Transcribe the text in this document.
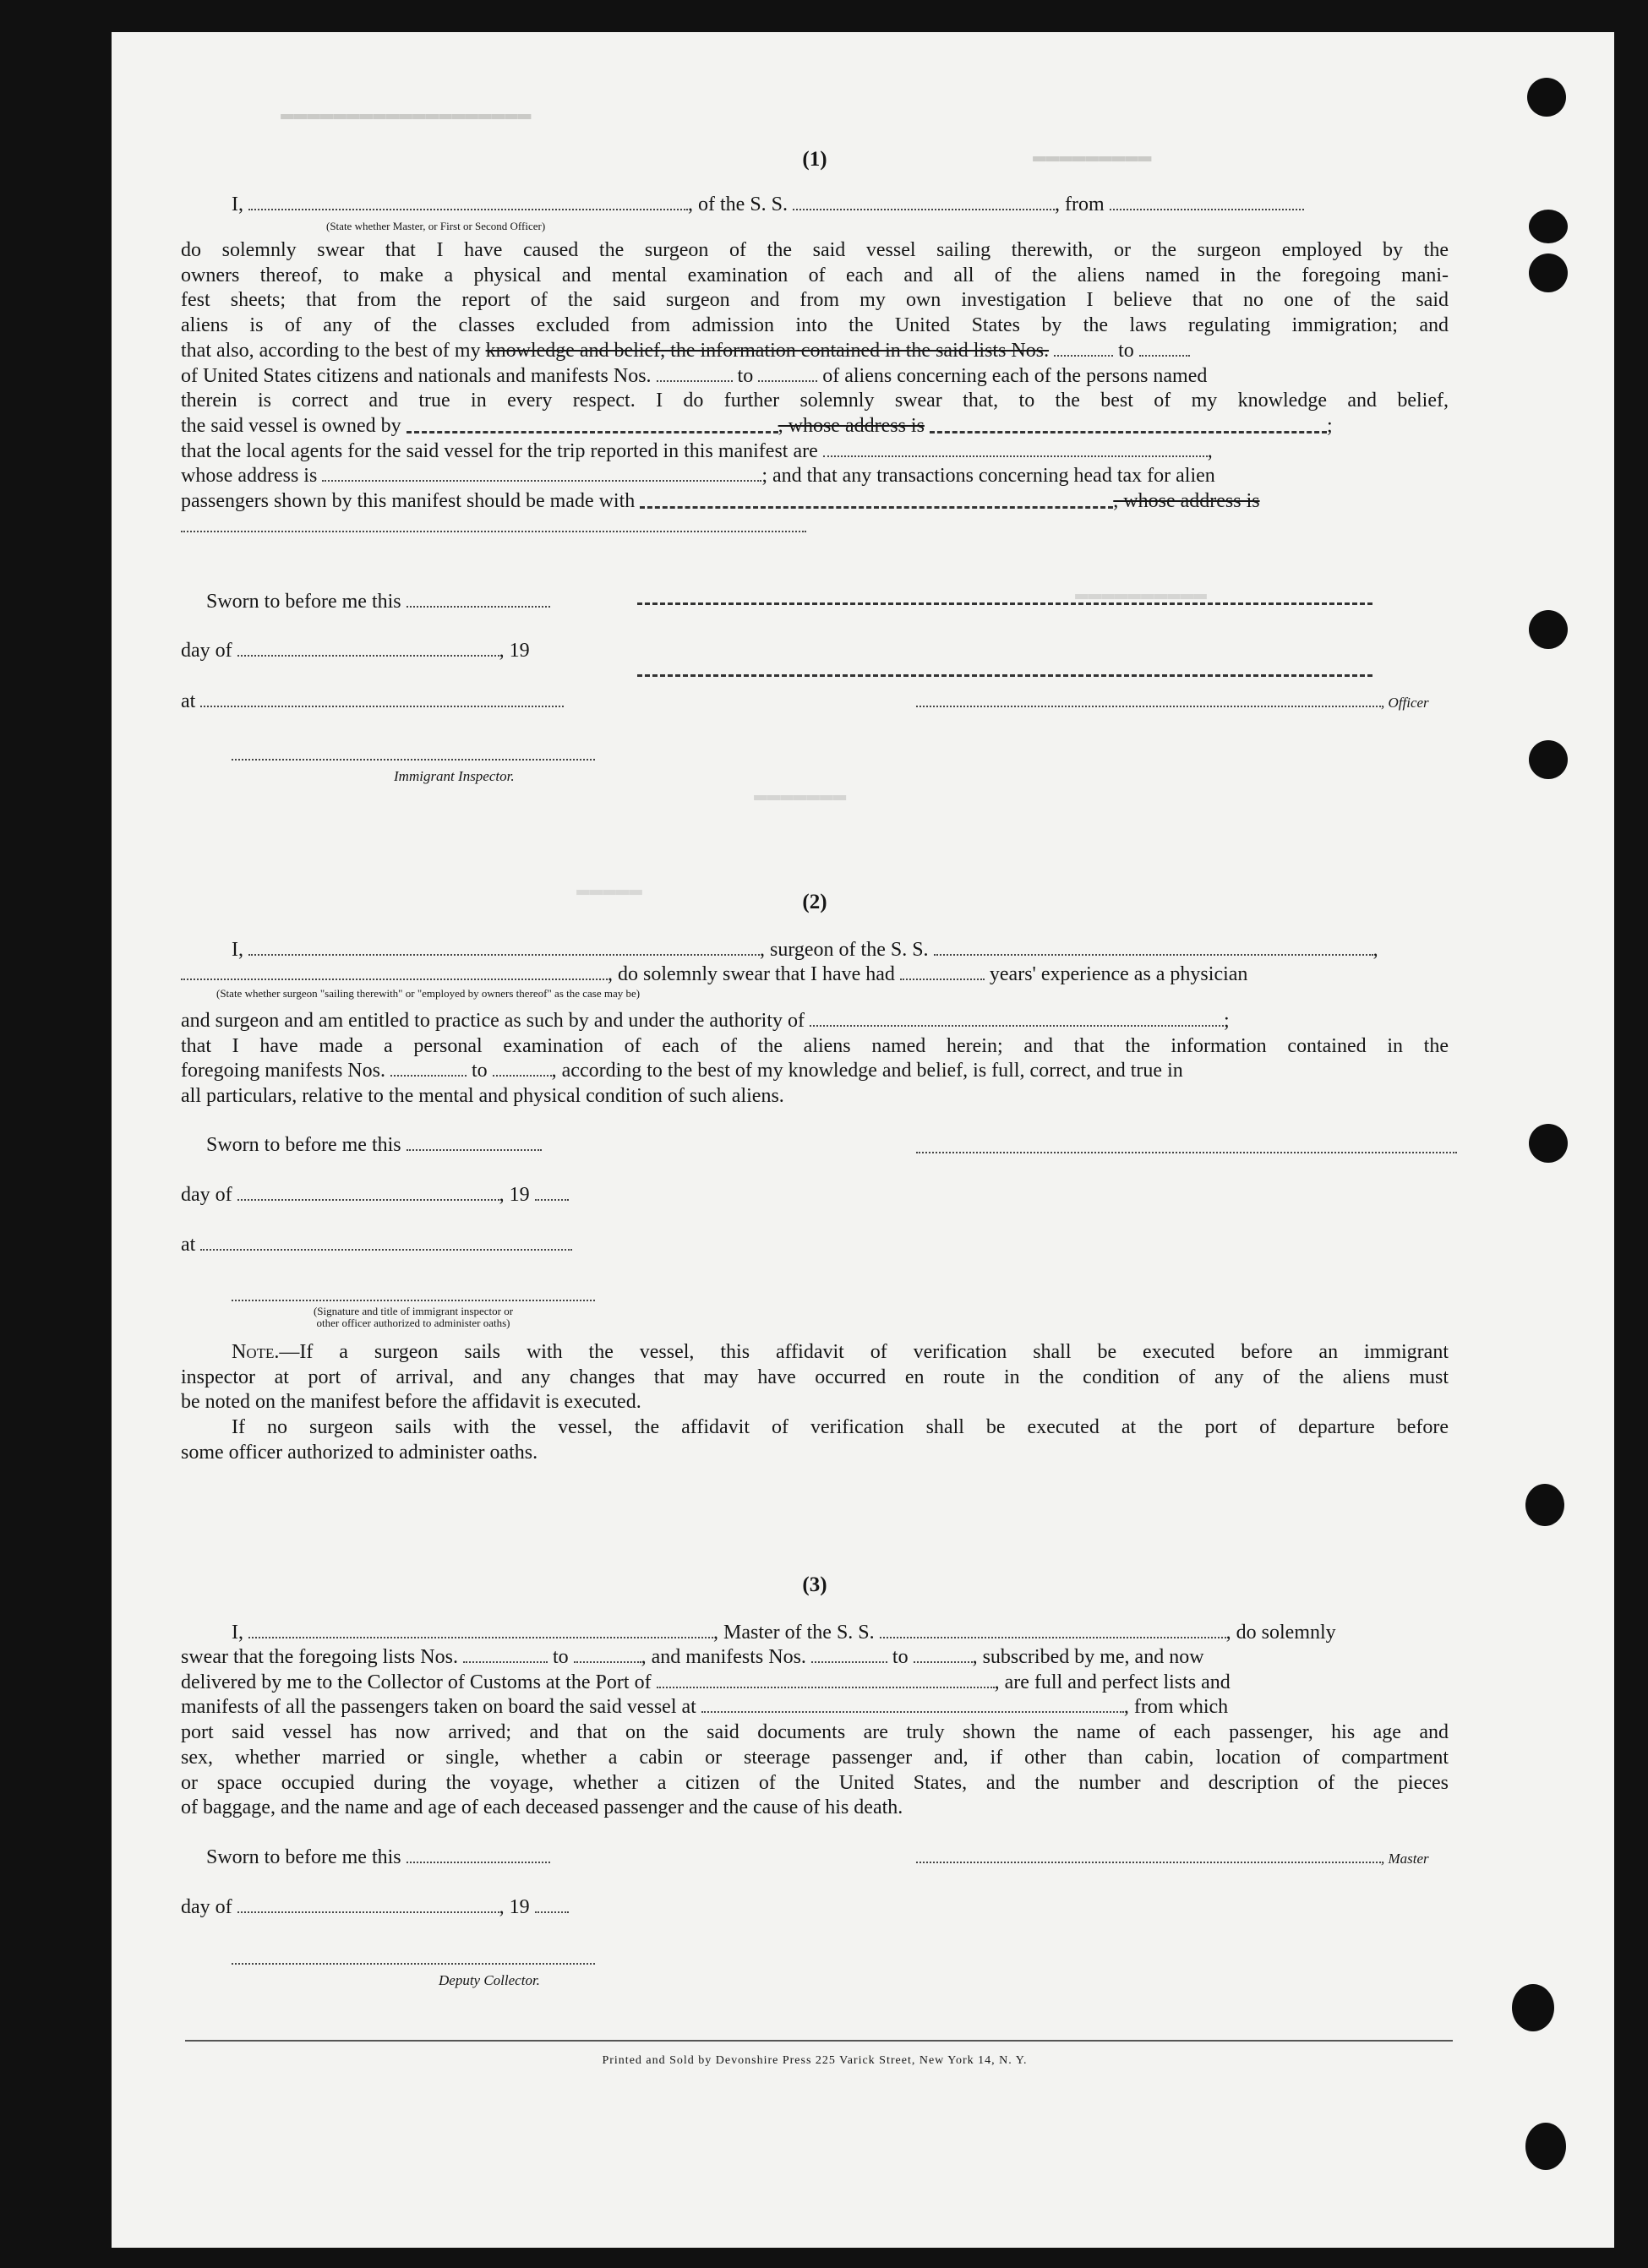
▬▬▬▬▬▬▬▬▬▬▬▬▬▬▬▬▬▬▬
▬▬▬▬▬▬▬▬▬
▬▬▬▬▬▬▬▬▬▬
▬▬▬▬▬▬▬
▬▬▬▬▬
(1)
I,	, of the S. S.	, from
(State whether Master, or First or Second Officer)
do solemnly swear that I have caused the surgeon of the said vessel sailing therewith, or the surgeon employed by the
owners thereof, to make a physical and mental examination of each and all of the aliens named in the foregoing mani-
fest sheets; that from the report of the said surgeon and from my own investigation I believe that no one of the said
aliens is of any of the classes excluded from admission into the United States by the laws regulating immigration; and
that also, according to the best of my knowledge and belief, the information contained in the said lists Nos.	to
of United States citizens and nationals and manifests Nos.	to	of aliens concerning each of the persons named
therein is correct and true in every respect. I do further solemnly swear that, to the best of my knowledge and belief,
the said vessel is owned by	, whose address is	;
that the local agents for the said vessel for the trip reported in this manifest are	,
whose address is	; and that any transactions concerning head tax for alien
passengers shown by this manifest should be made with	, whose address is
Sworn to before me this
day of	, 19
at	, Officer
Immigrant Inspector.
(2)
I,	, surgeon of the S. S.	,
, do solemnly swear that I have had	years' experience as a physician
(State whether surgeon "sailing therewith" or "employed by owners thereof" as the case may be)
and surgeon and am entitled to practice as such by and under the authority of	;
that I have made a personal examination of each of the aliens named herein; and that the information contained in the
foregoing manifests Nos.	to	, according to the best of my knowledge and belief, is full, correct, and true in
all particulars, relative to the mental and physical condition of such aliens.
Sworn to before me this
day of	, 19
at
(Signature and title of immigrant inspector or
other officer authorized to administer oaths)
Note.—If a surgeon sails with the vessel, this affidavit of verification shall be executed before an immigrant
inspector at port of arrival, and any changes that may have occurred en route in the condition of any of the aliens must
be noted on the manifest before the affidavit is executed.
If no surgeon sails with the vessel, the affidavit of verification shall be executed at the port of departure before
some officer authorized to administer oaths.
(3)
I,	, Master of the S. S.	, do solemnly
swear that the foregoing lists Nos.	to	, and manifests Nos.	to	, subscribed by me, and now
delivered by me to the Collector of Customs at the Port of	, are full and perfect lists and
manifests of all the passengers taken on board the said vessel at	, from which
port said vessel has now arrived; and that on the said documents are truly shown the name of each passenger, his age and
sex, whether married or single, whether a cabin or steerage passenger and, if other than cabin, location of compartment
or space occupied during the voyage, whether a citizen of the United States, and the number and description of the pieces
of baggage, and the name and age of each deceased passenger and the cause of his death.
Sworn to before me this	, Master
day of	, 19
Deputy Collector.
Printed and Sold by Devonshire Press 225 Varick Street, New York 14, N. Y.
